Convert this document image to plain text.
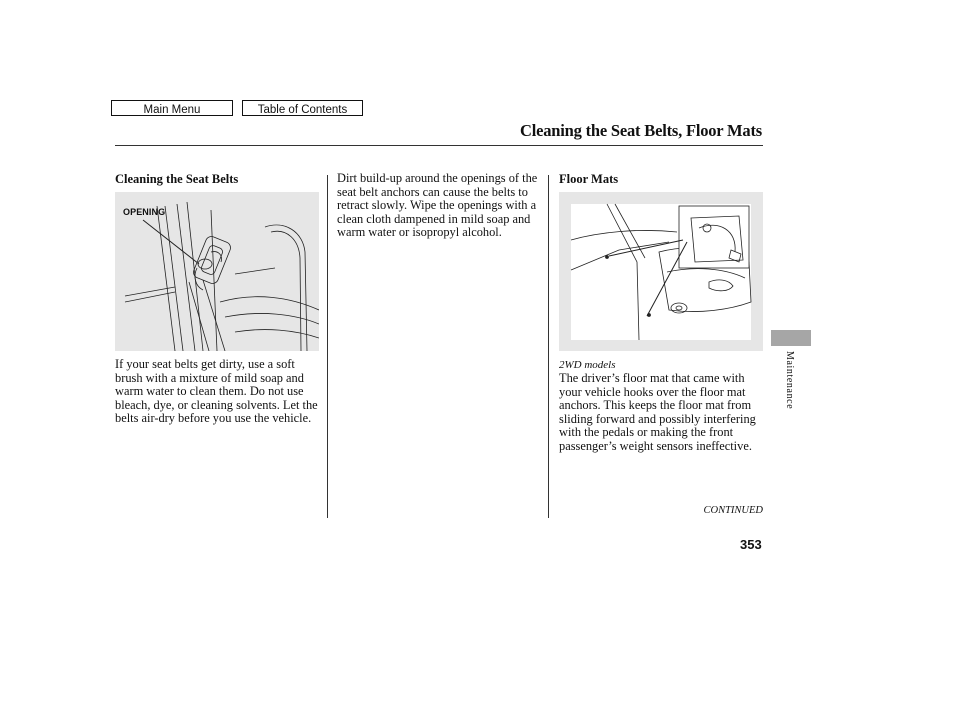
Main Menu	Table of Contents
Cleaning the Seat Belts, Floor Mats
Cleaning the Seat Belts
OPENING

If your seat belts get dirty, use a soft brush with a mixture of mild soap and warm water to clean them. Do not use bleach, dye, or cleaning solvents. Let the belts air-dry before you use the vehicle.

Dirt build-up around the openings of the seat belt anchors can cause the belts to retract slowly. Wipe the openings with a clean cloth dampened in mild soap and warm water or isopropyl alcohol.

Floor Mats
2WD models

The driver’s floor mat that came with your vehicle hooks over the floor mat anchors. This keeps the floor mat from sliding forward and possibly interfering with the pedals or making the front passenger’s weight sensors ineffective.

CONTINUED
353
Maintenance
